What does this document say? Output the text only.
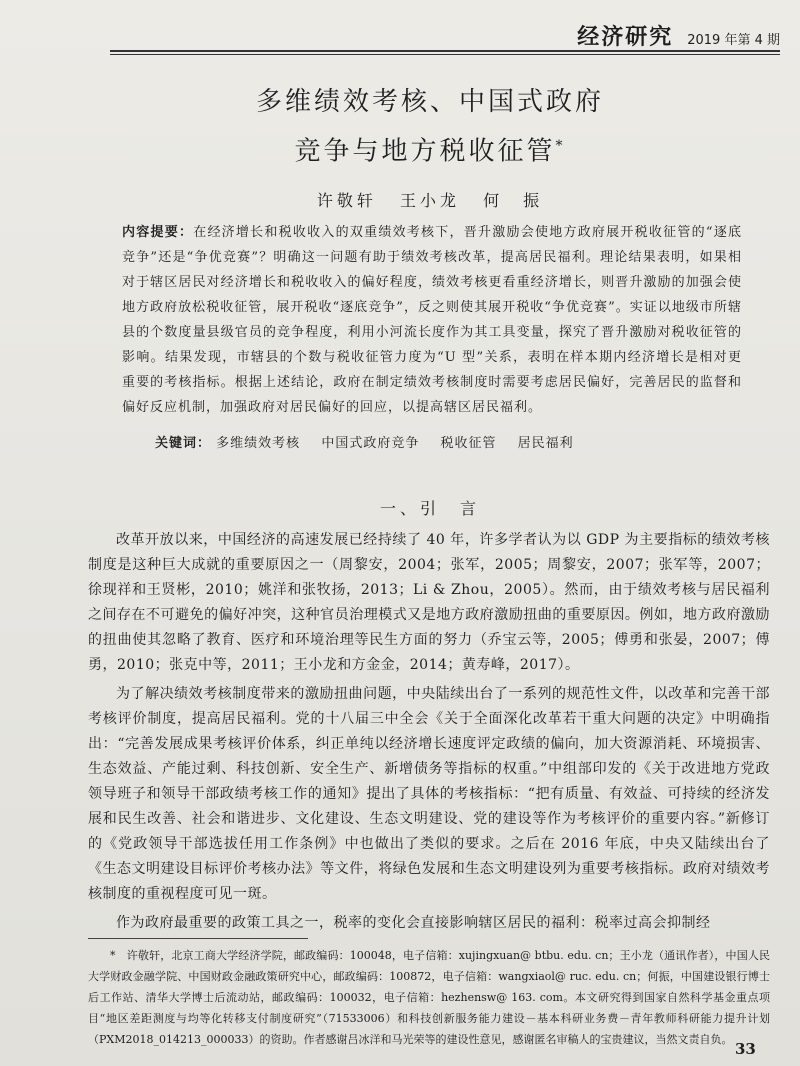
经济研究 2019 年第 4 期
多维绩效考核、中国式政府
竞争与地方税收征管*
许敬轩 王小龙 何　振
内容提要：在经济增长和税收收入的双重绩效考核下，晋升激励会使地方政府展开税收征管的“逐底竞争”还是“争优竞赛”？明确这一问题有助于绩效考核改革，提高居民福利。理论结果表明，如果相对于辖区居民对经济增长和税收收入的偏好程度，绩效考核更看重经济增长，则晋升激励的加强会使地方政府放松税收征管，展开税收“逐底竞争”，反之则使其展开税收“争优竞赛”。实证以地级市所辖县的个数度量县级官员的竞争程度，利用小河流长度作为其工具变量，探究了晋升激励对税收征管的影响。结果发现，市辖县的个数与税收征管力度为“U 型”关系，表明在样本期内经济增长是相对更重要的考核指标。根据上述结论，政府在制定绩效考核制度时需要考虑居民偏好，完善居民的监督和偏好反应机制，加强政府对居民偏好的回应，以提高辖区居民福利。
关键词： 多维绩效考核 中国式政府竞争 税收征管 居民福利
一、引　言

改革开放以来，中国经济的高速发展已经持续了 40 年，许多学者认为以 GDP 为主要指标的绩效考核制度是这种巨大成就的重要原因之一（周黎安，2004；张军，2005；周黎安，2007；张军等，2007；徐现祥和王贤彬，2010；姚洋和张牧扬，2013；Li & Zhou，2005）。然而，由于绩效考核与居民福利之间存在不可避免的偏好冲突，这种官员治理模式又是地方政府激励扭曲的重要原因。例如，地方政府激励的扭曲使其忽略了教育、医疗和环境治理等民生方面的努力（乔宝云等，2005；傅勇和张晏，2007；傅勇，2010；张克中等，2011；王小龙和方金金，2014；黄寿峰，2017）。

为了解决绩效考核制度带来的激励扭曲问题，中央陆续出台了一系列的规范性文件，以改革和完善干部考核评价制度，提高居民福利。党的十八届三中全会《关于全面深化改革若干重大问题的决定》中明确指出：“完善发展成果考核评价体系，纠正单纯以经济增长速度评定政绩的偏向，加大资源消耗、环境损害、生态效益、产能过剩、科技创新、安全生产、新增债务等指标的权重。”中组部印发的《关于改进地方党政领导班子和领导干部政绩考核工作的通知》提出了具体的考核指标：“把有质量、有效益、可持续的经济发展和民生改善、社会和谐进步、文化建设、生态文明建设、党的建设等作为考核评价的重要内容。”新修订的《党政领导干部选拔任用工作条例》中也做出了类似的要求。之后在 2016 年底，中央又陆续出台了《生态文明建设目标评价考核办法》等文件，将绿色发展和生态文明建设列为重要考核指标。政府对绩效考核制度的重视程度可见一斑。

作为政府最重要的政策工具之一，税率的变化会直接影响辖区居民的福利：税率过高会抑制经

*　许敬轩，北京工商大学经济学院，邮政编码：100048，电子信箱：xujingxuan@ btbu. edu. cn；王小龙（通讯作者），中国人民大学财政金融学院、中国财政金融政策研究中心，邮政编码：100872，电子信箱：wangxiaol@ ruc. edu. cn；何振，中国建设银行博士后工作站、清华大学博士后流动站，邮政编码：100032，电子信箱：hezhensw@ 163. com。本文研究得到国家自然科学基金重点项目“地区差距测度与均等化转移支付制度研究”（71533006）和科技创新服务能力建设－基本科研业务费－青年教师科研能力提升计划（PXM2018_014213_000033）的资助。作者感谢吕冰洋和马光荣等的建设性意见，感谢匿名审稿人的宝贵建议，当然文责自负。
33
